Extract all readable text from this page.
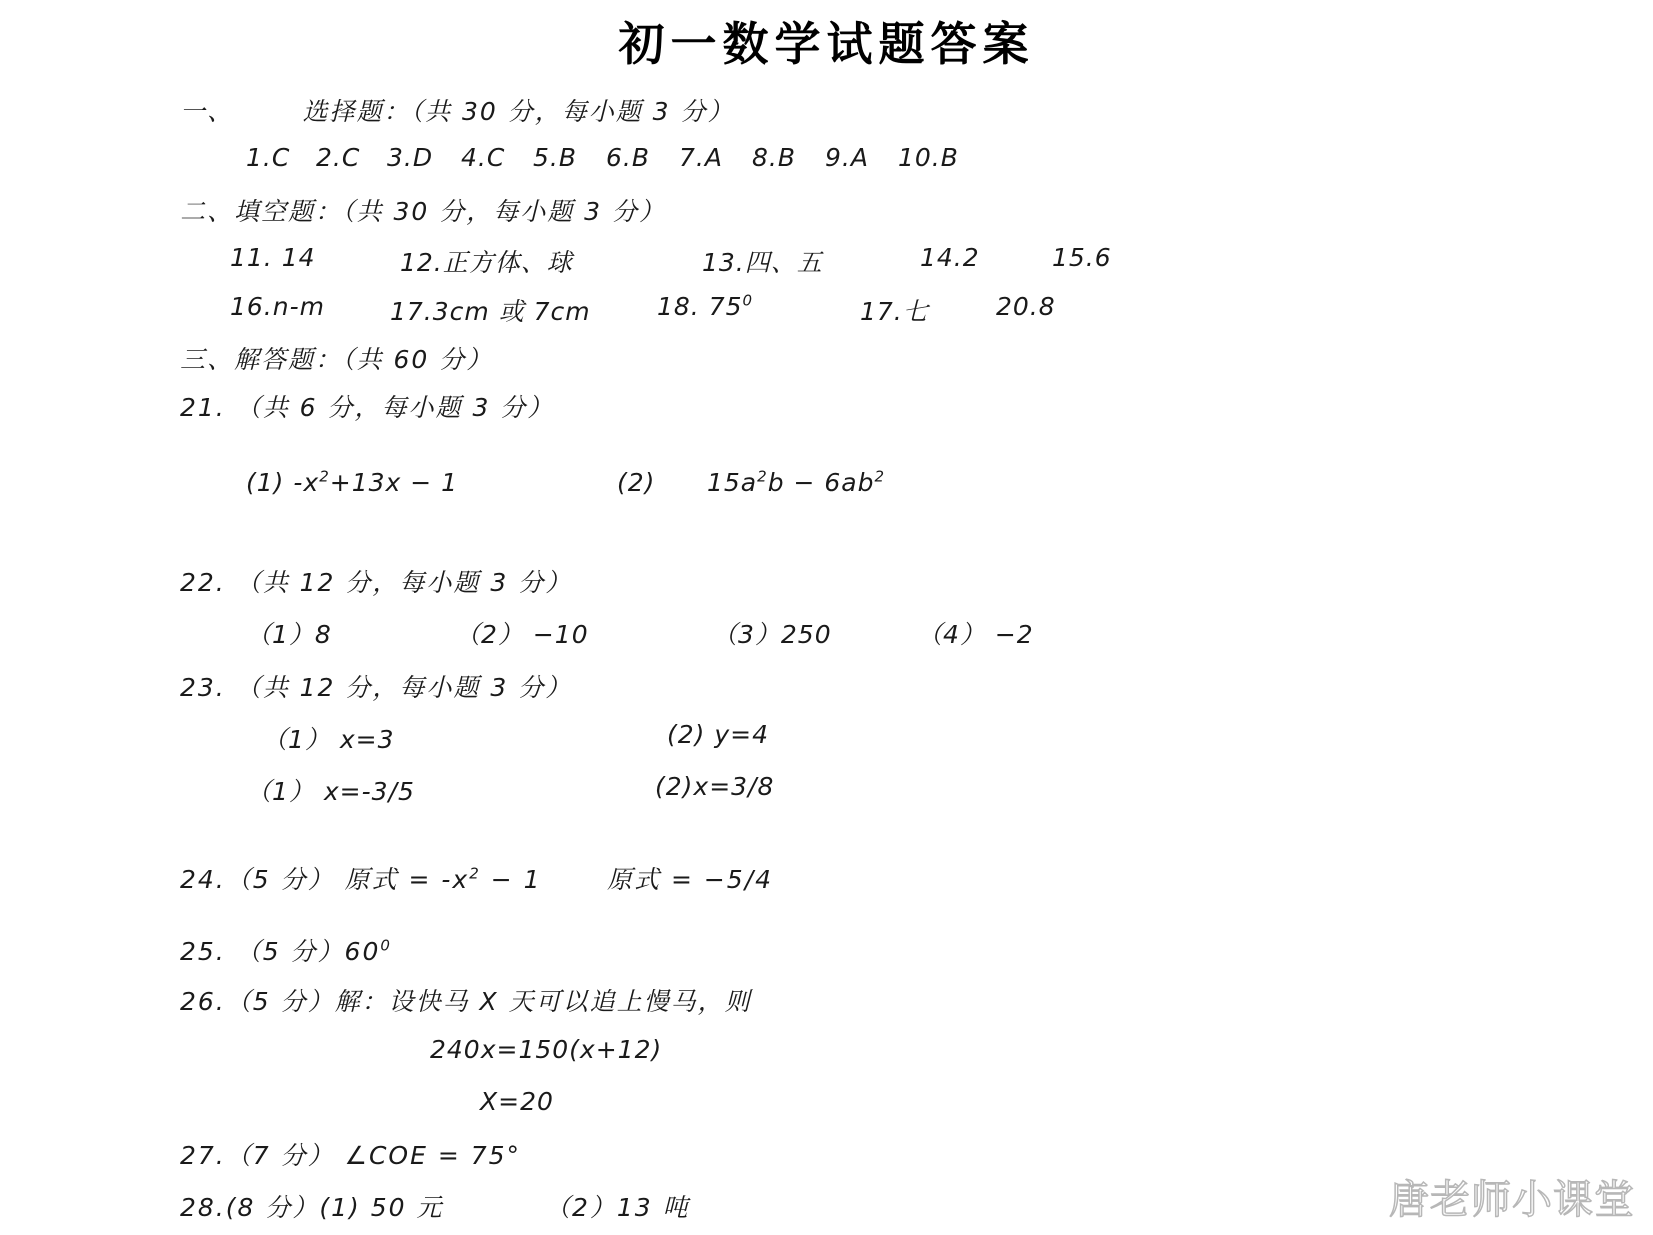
初一数学试题答案
一、　　　选择题：（共 30 分，每小题 3 分）
1.C 2.C 3.D 4.C 5.B 6.B 7.A 8.B 9.A 10.B
二、填空题：（共 30 分，每小题 3 分）
11. 14	12.正方体、球	13.四、五	14.2	15.6
16.n-m	17.3cm 或 7cm	18. $75^0$	17.七	20.8
三、解答题：（共 60 分）
21. （共 6 分，每小题 3 分）
(1) $-x^2+13x - 1$	(2) $15a^2b - 6ab^2$
22. （共 12 分，每小题 3 分）
（1）8	（2） −10	（3）250	（4） −2
23. （共 12 分，每小题 3 分）
（1） x=3	(2) y=4
（1） x=-3/5	(2)x=3/8
24.（5 分） 原式 = $-x^2 - 1$	原式 = −5/4
25. （5 分）$60^0$
26.（5 分）解：设快马 X 天可以追上慢马，则
240x=150(x+12)
X=20
27.（7 分） ∠COE = 75°
28.(8 分）(1) 50 元	（2）13 吨	唐老师小课堂
